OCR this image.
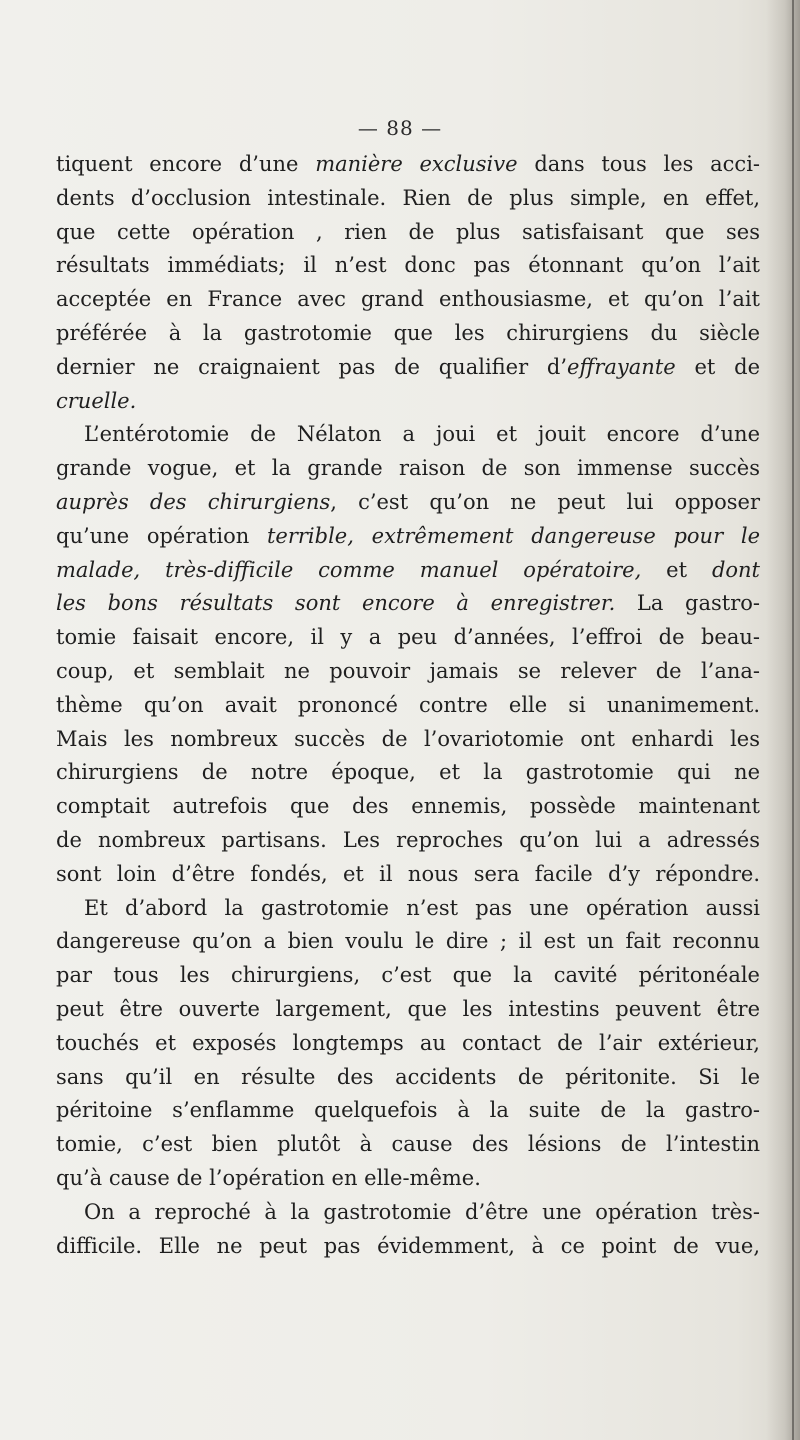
— 88 —
tiquent encore d’une manière exclusive dans tous les acci-
dents d’occlusion intestinale. Rien de plus simple, en effet,
que cette opération , rien de plus satisfaisant que ses
résultats immédiats; il n’est donc pas étonnant qu’on l’ait
acceptée en France avec grand enthousiasme, et qu’on l’ait
préférée à la gastrotomie que les chirurgiens du siècle
dernier ne craignaient pas de qualifier d’effrayante et de
cruelle.
L’entérotomie de Nélaton a joui et jouit encore d’une
grande vogue, et la grande raison de son immense succès
auprès des chirurgiens, c’est qu’on ne peut lui opposer
qu’une opération terrible, extrêmement dangereuse pour le
malade, très-difficile comme manuel opératoire, et dont
les bons résultats sont encore à enregistrer. La gastro-
tomie faisait encore, il y a peu d’années, l’effroi de beau-
coup, et semblait ne pouvoir jamais se relever de l’ana-
thème qu’on avait prononcé contre elle si unanimement.
Mais les nombreux succès de l’ovariotomie ont enhardi les
chirurgiens de notre époque, et la gastrotomie qui ne
comptait autrefois que des ennemis, possède maintenant
de nombreux partisans. Les reproches qu’on lui a adressés
sont loin d’être fondés, et il nous sera facile d’y répondre.
Et d’abord la gastrotomie n’est pas une opération aussi
dangereuse qu’on a bien voulu le dire ; il est un fait reconnu
par tous les chirurgiens, c’est que la cavité péritonéale
peut être ouverte largement, que les intestins peuvent être
touchés et exposés longtemps au contact de l’air extérieur,
sans qu’il en résulte des accidents de péritonite. Si le
péritoine s’enflamme quelquefois à la suite de la gastro-
tomie, c’est bien plutôt à cause des lésions de l’intestin
qu’à cause de l’opération en elle-même.
On a reproché à la gastrotomie d’être une opération très-
difficile. Elle ne peut pas évidemment, à ce point de vue,
